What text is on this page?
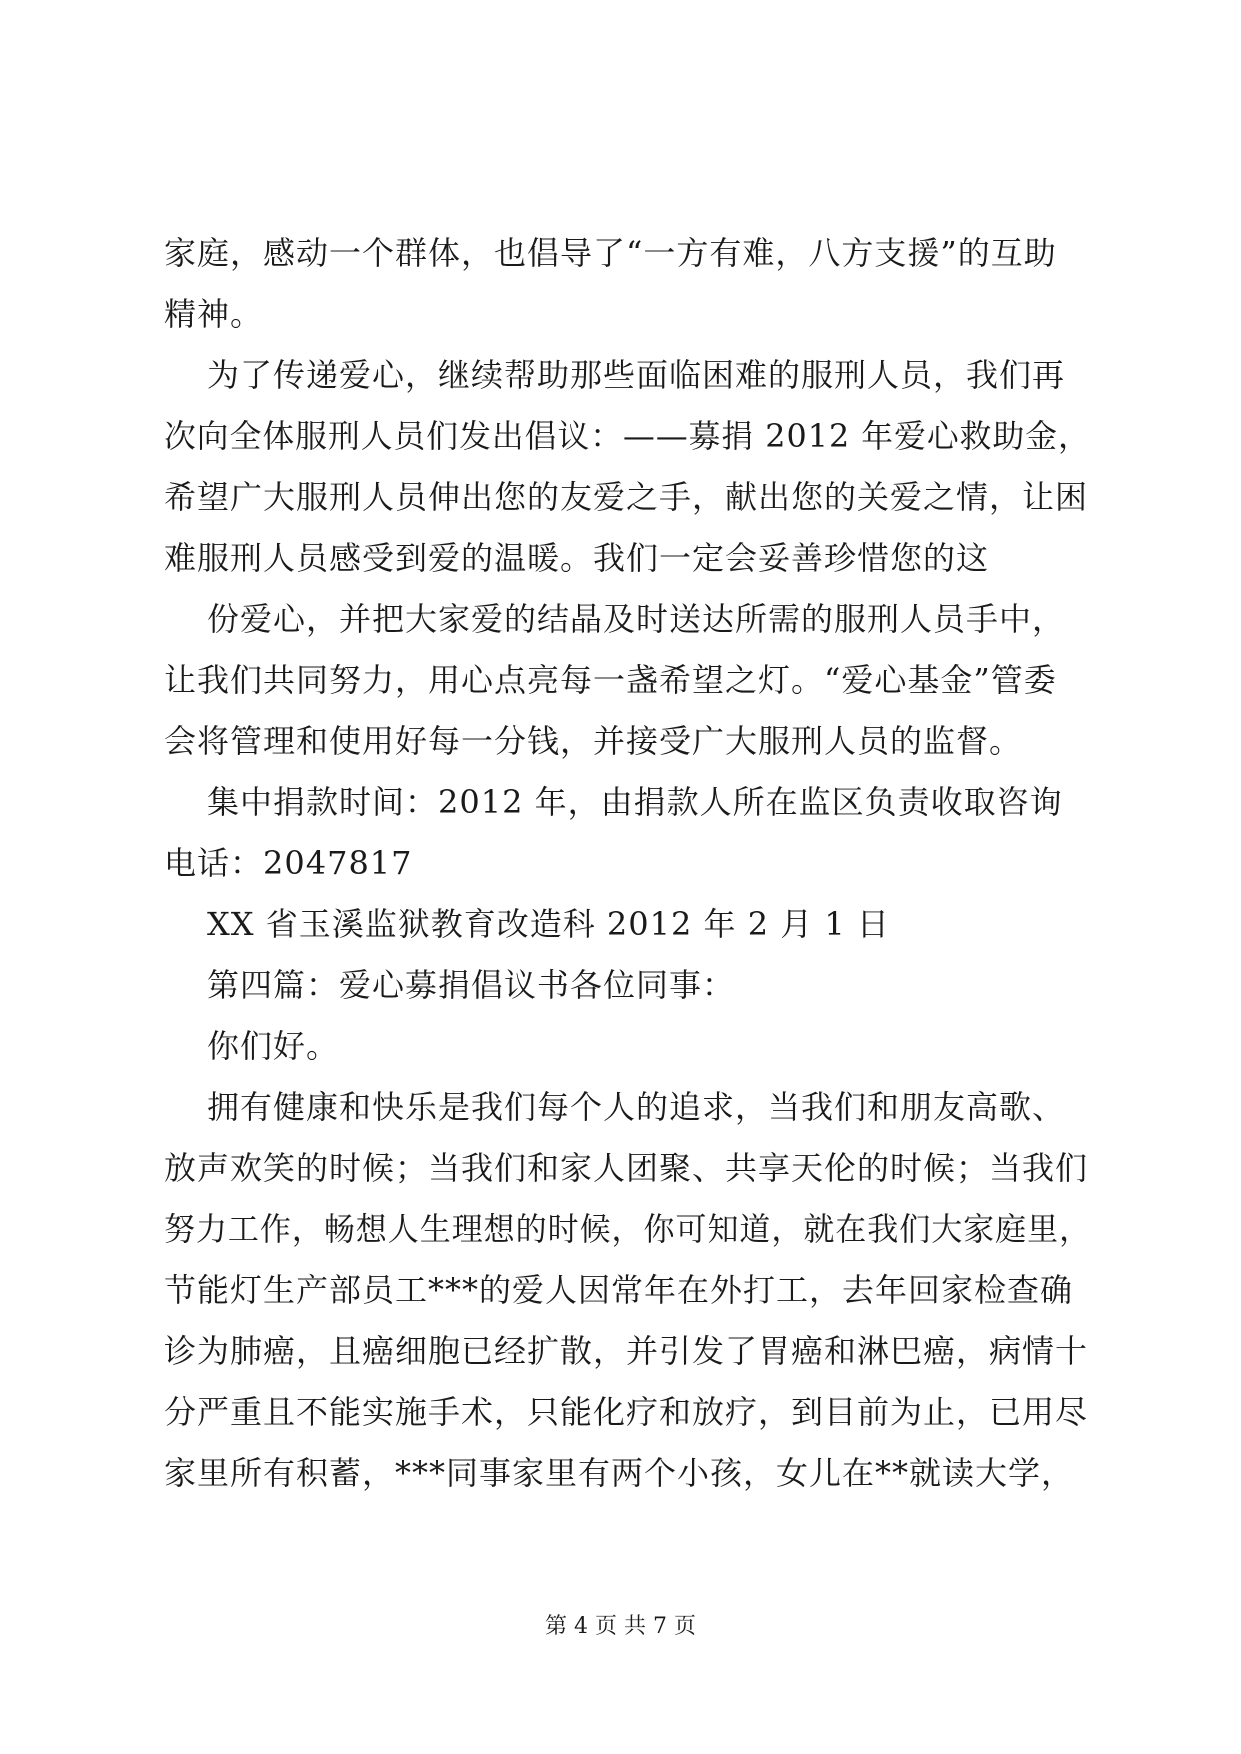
家庭，感动一个群体，也倡导了“一方有难，八方支援”的互助
精神。
为了传递爱心，继续帮助那些面临困难的服刑人员，我们再
次向全体服刑人员们发出倡议：——募捐 2012 年爱心救助金，
希望广大服刑人员伸出您的友爱之手，献出您的关爱之情，让困
难服刑人员感受到爱的温暖。我们一定会妥善珍惜您的这
份爱心，并把大家爱的结晶及时送达所需的服刑人员手中，
让我们共同努力，用心点亮每一盏希望之灯。“爱心基金”管委
会将管理和使用好每一分钱，并接受广大服刑人员的监督。
集中捐款时间：2012 年，由捐款人所在监区负责收取咨询
电话：2047817
XX 省玉溪监狱教育改造科 2012 年 2 月 1 日
第四篇：爱心募捐倡议书各位同事：
你们好。
拥有健康和快乐是我们每个人的追求，当我们和朋友高歌、
放声欢笑的时候；当我们和家人团聚、共享天伦的时候；当我们
努力工作，畅想人生理想的时候，你可知道，就在我们大家庭里，
节能灯生产部员工***的爱人因常年在外打工，去年回家检查确
诊为肺癌，且癌细胞已经扩散，并引发了胃癌和淋巴癌，病情十
分严重且不能实施手术，只能化疗和放疗，到目前为止，已用尽
家里所有积蓄，***同事家里有两个小孩，女儿在**就读大学，
第 4 页 共 7 页
